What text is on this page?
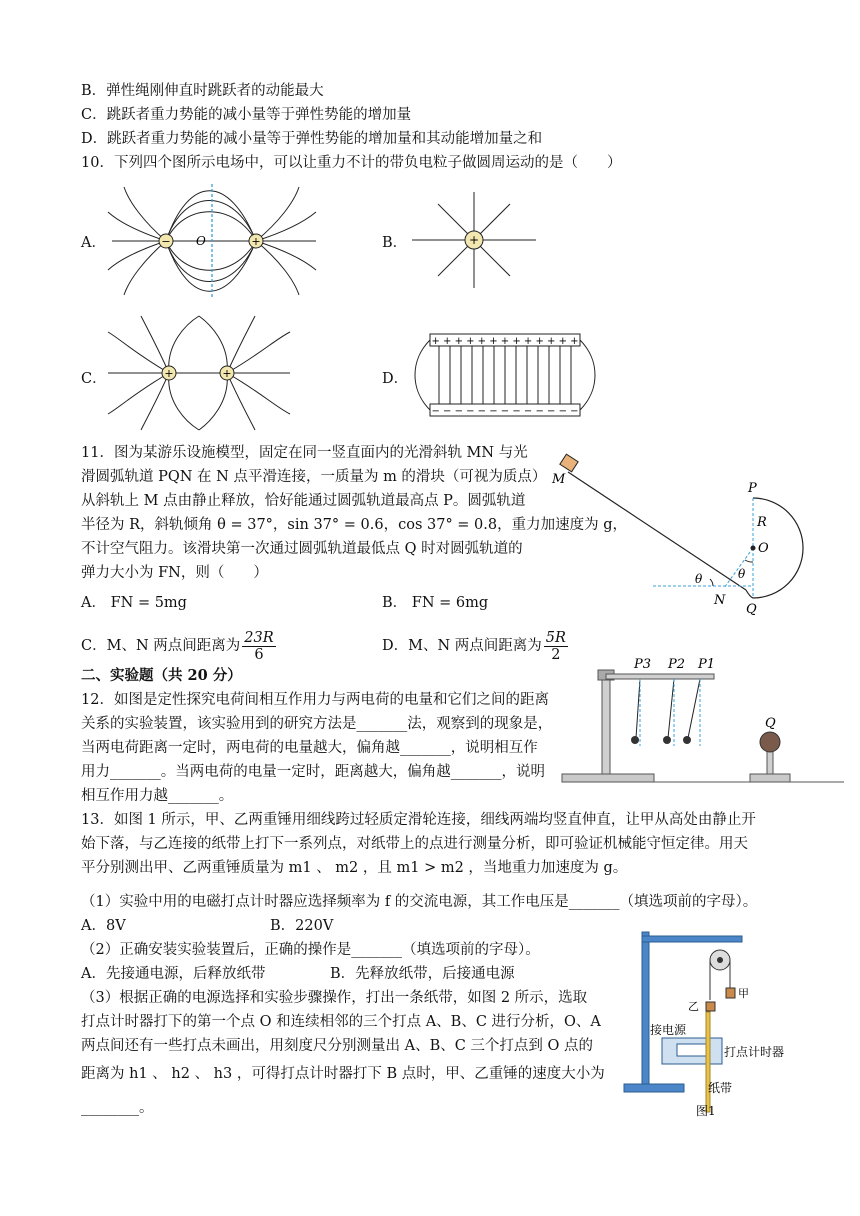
B．弹性绳刚伸直时跳跃者的动能最大
C．跳跃者重力势能的减小量等于弹性势能的增加量
D．跳跃者重力势能的减小量等于弹性势能的增加量和其动能增加量之和
10．下列四个图所示电场中，可以让重力不计的带负电粒子做圆周运动的是（　　）
A．	−	+
O	B．	+
C．	+	+	D．
+ + + + + + + + + + + + +
− − − − − − − − − − − − −
11．图为某游乐设施模型，固定在同一竖直面内的光滑斜轨 MN 与光
滑圆弧轨道 PQN 在 N 点平滑连接，一质量为 m 的滑块（可视为质点）
从斜轨上 M 点由静止释放，恰好能通过圆弧轨道最高点 P。圆弧轨道
半径为 R，斜轨倾角 θ = 37°，sin 37° = 0.6，cos 37° = 0.8，重力加速度为 g，
不计空气阻力。该滑块第一次通过圆弧轨道最低点 Q 时对圆弧轨道的
弹力大小为 FN，则（　　）
A． FN = 5mg	B． FN = 6mg
C．M、N 两点间距离为 $\frac{23R}{6}$	D．M、N 两点间距离为 $\frac{5R}{2}$
M
P
R
O
θ	θ
N
Q
二、实验题（共 20 分）
12．如图是定性探究电荷间相互作用力与两电荷的电量和它们之间的距离
关系的实验装置，该实验用到的研究方法是_______法，观察到的现象是，
当两电荷距离一定时，两电荷的电量越大，偏角越_______，说明相互作
用力_______。当两电荷的电量一定时，距离越大，偏角越_______，说明
相互作用力越_______。
P3 P2 P1
Q
13．如图 1 所示，甲、乙两重锤用细线跨过轻质定滑轮连接，细线两端均竖直伸直，让甲从高处由静止开
始下落，与乙连接的纸带上打下一系列点，对纸带上的点进行测量分析，即可验证机械能守恒定律。用天
平分别测出甲、乙两重锤质量为 m1 、 m2 ，且 m1 > m2 ，当地重力加速度为 g。
（1）实验中用的电磁打点计时器应选择频率为 f 的交流电源，其工作电压是_______（填选项前的字母）。
A．8V	B．220V
（2）正确安装实验装置后，正确的操作是_______（填选项前的字母）。
A．先接通电源，后释放纸带	B．先释放纸带，后接通电源
（3）根据正确的电源选择和实验步骤操作，打出一条纸带，如图 2 所示，选取
打点计时器打下的第一个点 O 和连续相邻的三个打点 A、B、C 进行分析，O、A
两点间还有一些打点未画出，用刻度尺分别测量出 A、B、C 三个打点到 O 点的
距离为 h1 、 h2 、 h3 ，可得打点计时器打下 B 点时，甲、乙重锤的速度大小为
________。
甲
乙
接电源
打点计时器
纸带
图1
